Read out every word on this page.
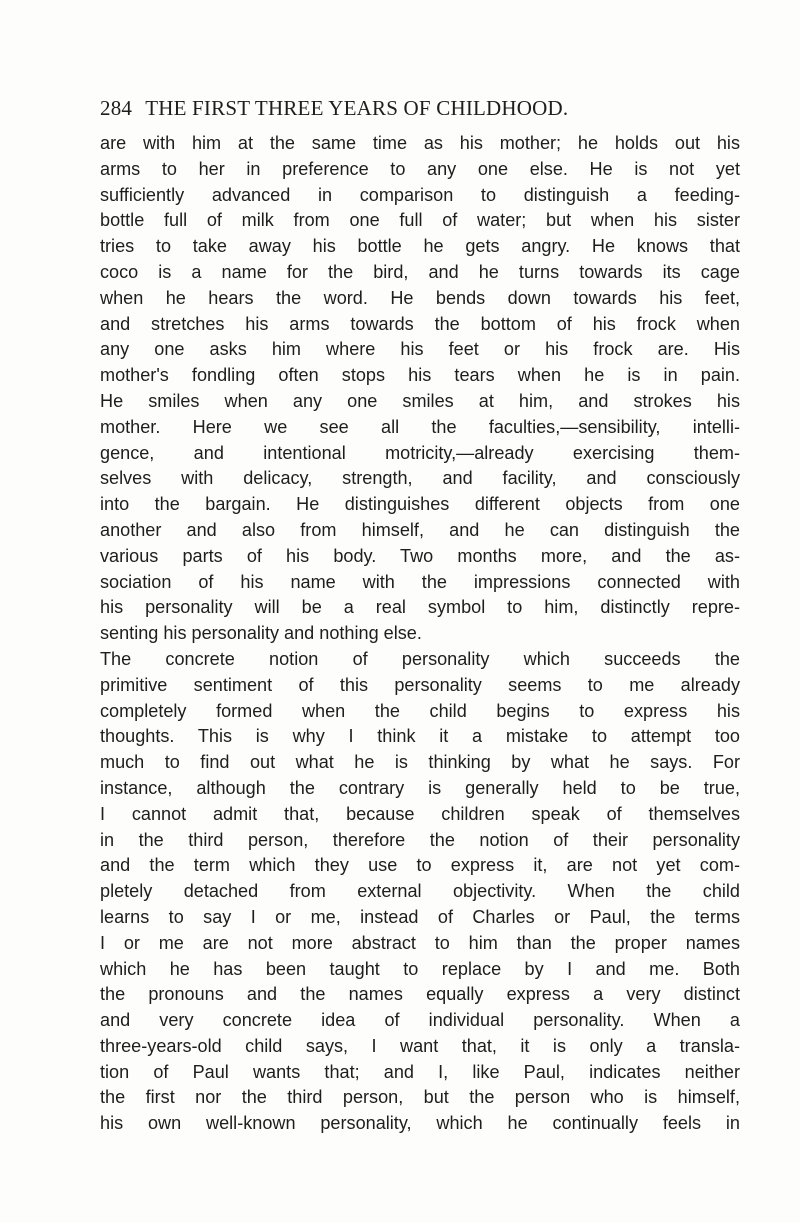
284 THE FIRST THREE YEARS OF CHILDHOOD.
are with him at the same time as his mother; he holds out his
arms to her in preference to any one else. He is not yet
sufficiently advanced in comparison to distinguish a feeding-
bottle full of milk from one full of water; but when his sister
tries to take away his bottle he gets angry. He knows that
coco is a name for the bird, and he turns towards its cage
when he hears the word. He bends down towards his feet,
and stretches his arms towards the bottom of his frock when
any one asks him where his feet or his frock are. His
mother's fondling often stops his tears when he is in pain.
He smiles when any one smiles at him, and strokes his
mother. Here we see all the faculties,—sensibility, intelli-
gence, and intentional motricity,—already exercising them-
selves with delicacy, strength, and facility, and consciously
into the bargain. He distinguishes different objects from one
another and also from himself, and he can distinguish the
various parts of his body. Two months more, and the as-
sociation of his name with the impressions connected with
his personality will be a real symbol to him, distinctly repre-
senting his personality and nothing else.
The concrete notion of personality which succeeds the
primitive sentiment of this personality seems to me already
completely formed when the child begins to express his
thoughts. This is why I think it a mistake to attempt too
much to find out what he is thinking by what he says. For
instance, although the contrary is generally held to be true,
I cannot admit that, because children speak of themselves
in the third person, therefore the notion of their personality
and the term which they use to express it, are not yet com-
pletely detached from external objectivity. When the child
learns to say I or me, instead of Charles or Paul, the terms
I or me are not more abstract to him than the proper names
which he has been taught to replace by I and me. Both
the pronouns and the names equally express a very distinct
and very concrete idea of individual personality. When a
three-years-old child says, I want that, it is only a transla-
tion of Paul wants that; and I, like Paul, indicates neither
the first nor the third person, but the person who is himself,
his own well-known personality, which he continually feels in
